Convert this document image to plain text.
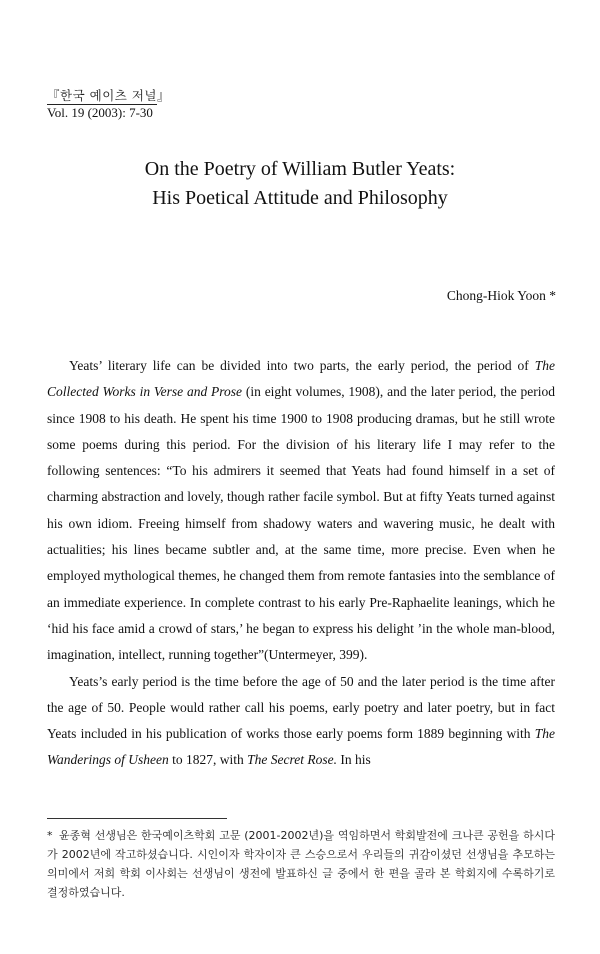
『한국 예이츠 저널』
Vol. 19 (2003): 7-30
On the Poetry of William Butler Yeats:
His Poetical Attitude and Philosophy
Chong-Hiok Yoon *

Yeats’ literary life can be divided into two parts, the early period, the period of The Collected Works in Verse and Prose (in eight volumes, 1908), and the later period, the period since 1908 to his death. He spent his time 1900 to 1908 producing dramas, but he still wrote some poems during this period. For the division of his literary life I may refer to the following sentences: “To his admirers it seemed that Yeats had found himself in a set of charming abstraction and lovely, though rather facile symbol. But at fifty Yeats turned against his own idiom. Freeing himself from shadowy waters and wavering music, he dealt with actualities; his lines became subtler and, at the same time, more precise. Even when he employed mythological themes, he changed them from remote fantasies into the semblance of an immediate experience. In complete contrast to his early Pre-Raphaelite leanings, which he ‘hid his face amid a crowd of stars,’ he began to express his delight ’in the whole man-blood, imagination, intellect, running together”(Untermeyer, 399).

Yeats’s early period is the time before the age of 50 and the later period is the time after the age of 50. People would rather call his poems, early poetry and later poetry, but in fact Yeats included in his publication of works those early poems form 1889 beginning with The Wanderings of Usheen to 1827, with The Secret Rose. In his

* 윤종혁 선생님은 한국예이츠학회 고문 (2001-2002년)을 역임하면서 학회발전에 크나큰 공헌을 하시다가 2002년에 작고하셨습니다. 시인이자 학자이자 큰 스승으로서 우리들의 귀감이셨던 선생님을 추모하는 의미에서 저희 학회 이사회는 선생님이 생전에 발표하신 글 중에서 한 편을 골라 본 학회지에 수록하기로 결정하였습니다.
